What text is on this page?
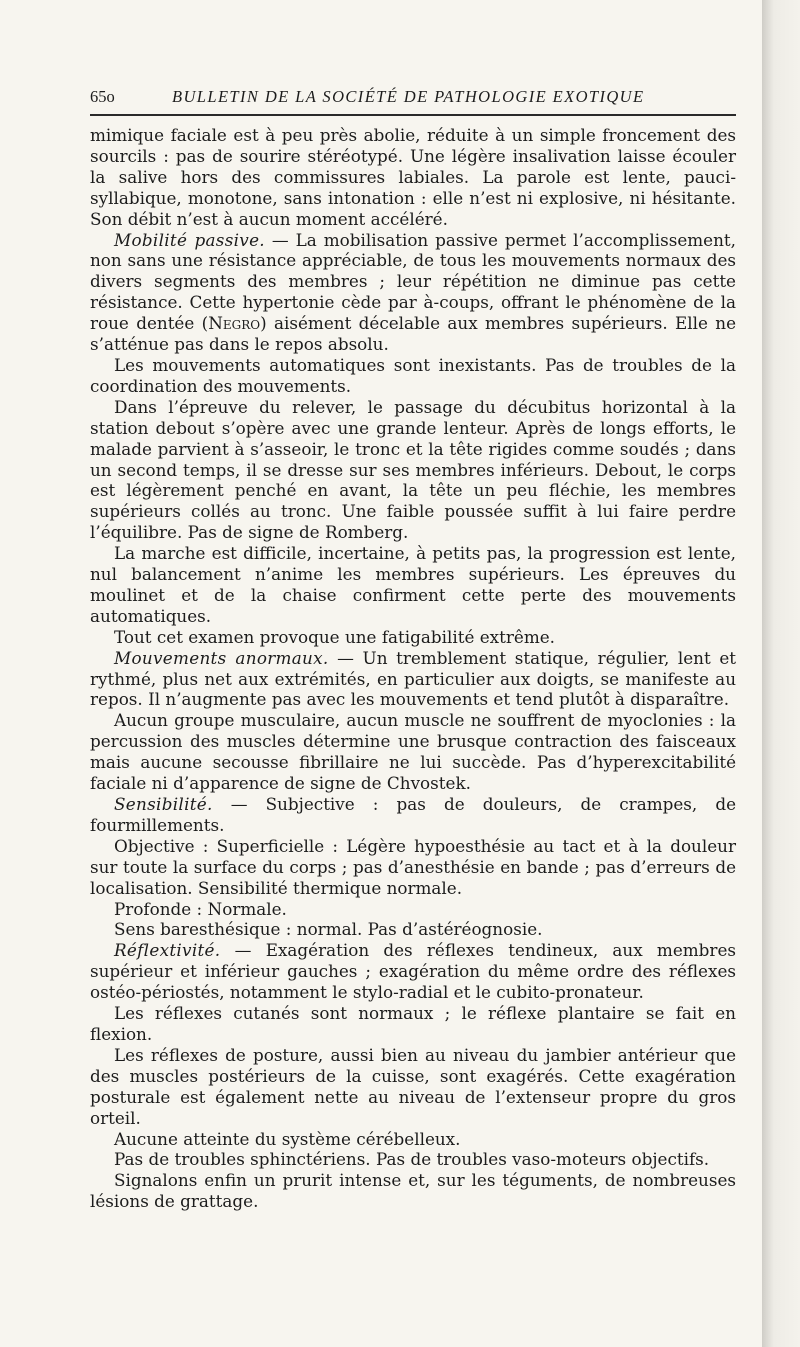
65o	BULLETIN DE LA SOCIÉTÉ DE PATHOLOGIE EXOTIQUE

mimique faciale est à peu près abolie, réduite à un simple froncement des sourcils : pas de sourire stéréotypé. Une légère insalivation laisse écouler la salive hors des commissures labiales. La parole est lente, pauci-syllabique, monotone, sans intonation : elle n’est ni explosive, ni hésitante. Son débit n’est à aucun moment accéléré.

Mobilité passive. — La mobilisation passive permet l’accomplissement, non sans une résistance appréciable, de tous les mouvements normaux des divers segments des membres ; leur répétition ne diminue pas cette résistance. Cette hypertonie cède par à-coups, offrant le phénomène de la roue dentée (Negro) aisément décelable aux membres supérieurs. Elle ne s’atténue pas dans le repos absolu.

Les mouvements automatiques sont inexistants. Pas de troubles de la coordination des mouvements.

Dans l’épreuve du relever, le passage du décubitus horizontal à la station debout s’opère avec une grande lenteur. Après de longs efforts, le malade parvient à s’asseoir, le tronc et la tête rigides comme soudés ; dans un second temps, il se dresse sur ses membres inférieurs. Debout, le corps est légèrement penché en avant, la tête un peu fléchie, les membres supérieurs collés au tronc. Une faible poussée suffit à lui faire perdre l’équilibre. Pas de signe de Romberg.

La marche est difficile, incertaine, à petits pas, la progression est lente, nul balancement n’anime les membres supérieurs. Les épreuves du moulinet et de la chaise confirment cette perte des mouvements automatiques.

Tout cet examen provoque une fatigabilité extrême.

Mouvements anormaux. — Un tremblement statique, régulier, lent et rythmé, plus net aux extrémités, en particulier aux doigts, se manifeste au repos. Il n’augmente pas avec les mouvements et tend plutôt à disparaître.

Aucun groupe musculaire, aucun muscle ne souffrent de myoclonies : la percussion des muscles détermine une brusque contraction des faisceaux mais aucune secousse fibrillaire ne lui succède. Pas d’hyperexcitabilité faciale ni d’apparence de signe de Chvostek.

Sensibilité. — Subjective : pas de douleurs, de crampes, de fourmillements.

Objective : Superficielle : Légère hypoesthésie au tact et à la douleur sur toute la surface du corps ; pas d’anesthésie en bande ; pas d’erreurs de localisation. Sensibilité thermique normale.

Profonde : Normale.

Sens baresthésique : normal. Pas d’astéréognosie.

Réflextivité. — Exagération des réflexes tendineux, aux membres supérieur et inférieur gauches ; exagération du même ordre des réflexes ostéo-périostés, notamment le stylo-radial et le cubito-pronateur.

Les réflexes cutanés sont normaux ; le réflexe plantaire se fait en flexion.

Les réflexes de posture, aussi bien au niveau du jambier antérieur que des muscles postérieurs de la cuisse, sont exagérés. Cette exagération posturale est également nette au niveau de l’extenseur propre du gros orteil.

Aucune atteinte du système cérébelleux.

Pas de troubles sphinctériens. Pas de troubles vaso-moteurs objectifs.

Signalons enfin un prurit intense et, sur les téguments, de nombreuses lésions de grattage.
